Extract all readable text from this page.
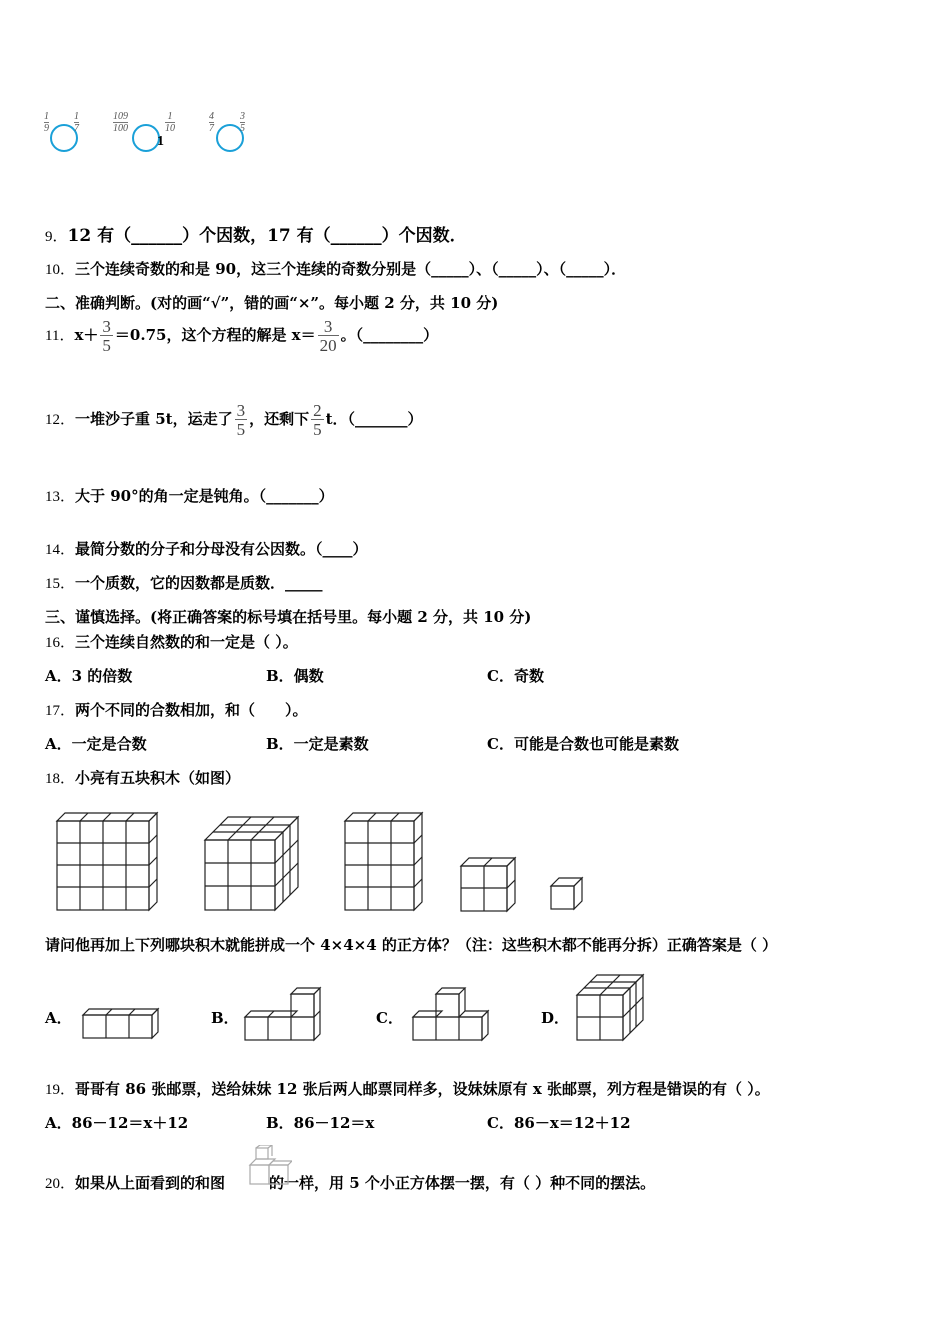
1
9
1
7
109
100
1
1
10
4
7
3
5
9．12 有（______）个因数，17 有（______）个因数．
10．三个连续奇数的和是 90，这三个连续的奇数分别是（_____）、（_____）、（_____）．
二、准确判断。(对的画“√”，错的画“×”。每小题 2 分，共 10 分)
11．$x+ \frac{3}{5} =0.75$，这个方程的解是 $x= \frac{3}{20}$ 。（________）
12．一堆沙子重 5t，运走了 $\frac{3}{5}$ ，还剩下 $\frac{2}{5}$ t．（_______）
13．大于 90°的角一定是钝角。（_______）
14．最简分数的分子和分母没有公因数。（____）
15．一个质数，它的因数都是质数．_____
三、谨慎选择。(将正确答案的标号填在括号里。每小题 2 分，共 10 分)
16．三个连续自然数的和一定是（ ）。
A．3 的倍数	B．偶数	C．奇数
17．两个不同的合数相加，和（　　）。
A．一定是合数	B．一定是素数	C．可能是合数也可能是素数
18．小亮有五块积木（如图）
请问他再加上下列哪块积木就能拼成一个 4×4×4 的正方体？（注：这些积木都不能再分拆）正确答案是（ ）
A．	B．	C．	D．
19．哥哥有 86 张邮票，送给妹妹 12 张后两人邮票同样多，设妹妹原有 x 张邮票，列方程是错误的有（ ）。
A．86－12＝x＋12	B．86－12＝x	C．86－x＝12＋12
20．如果从上面看到的和图	的一样，用 5 个小正方体摆一摆，有（ ）种不同的摆法。
